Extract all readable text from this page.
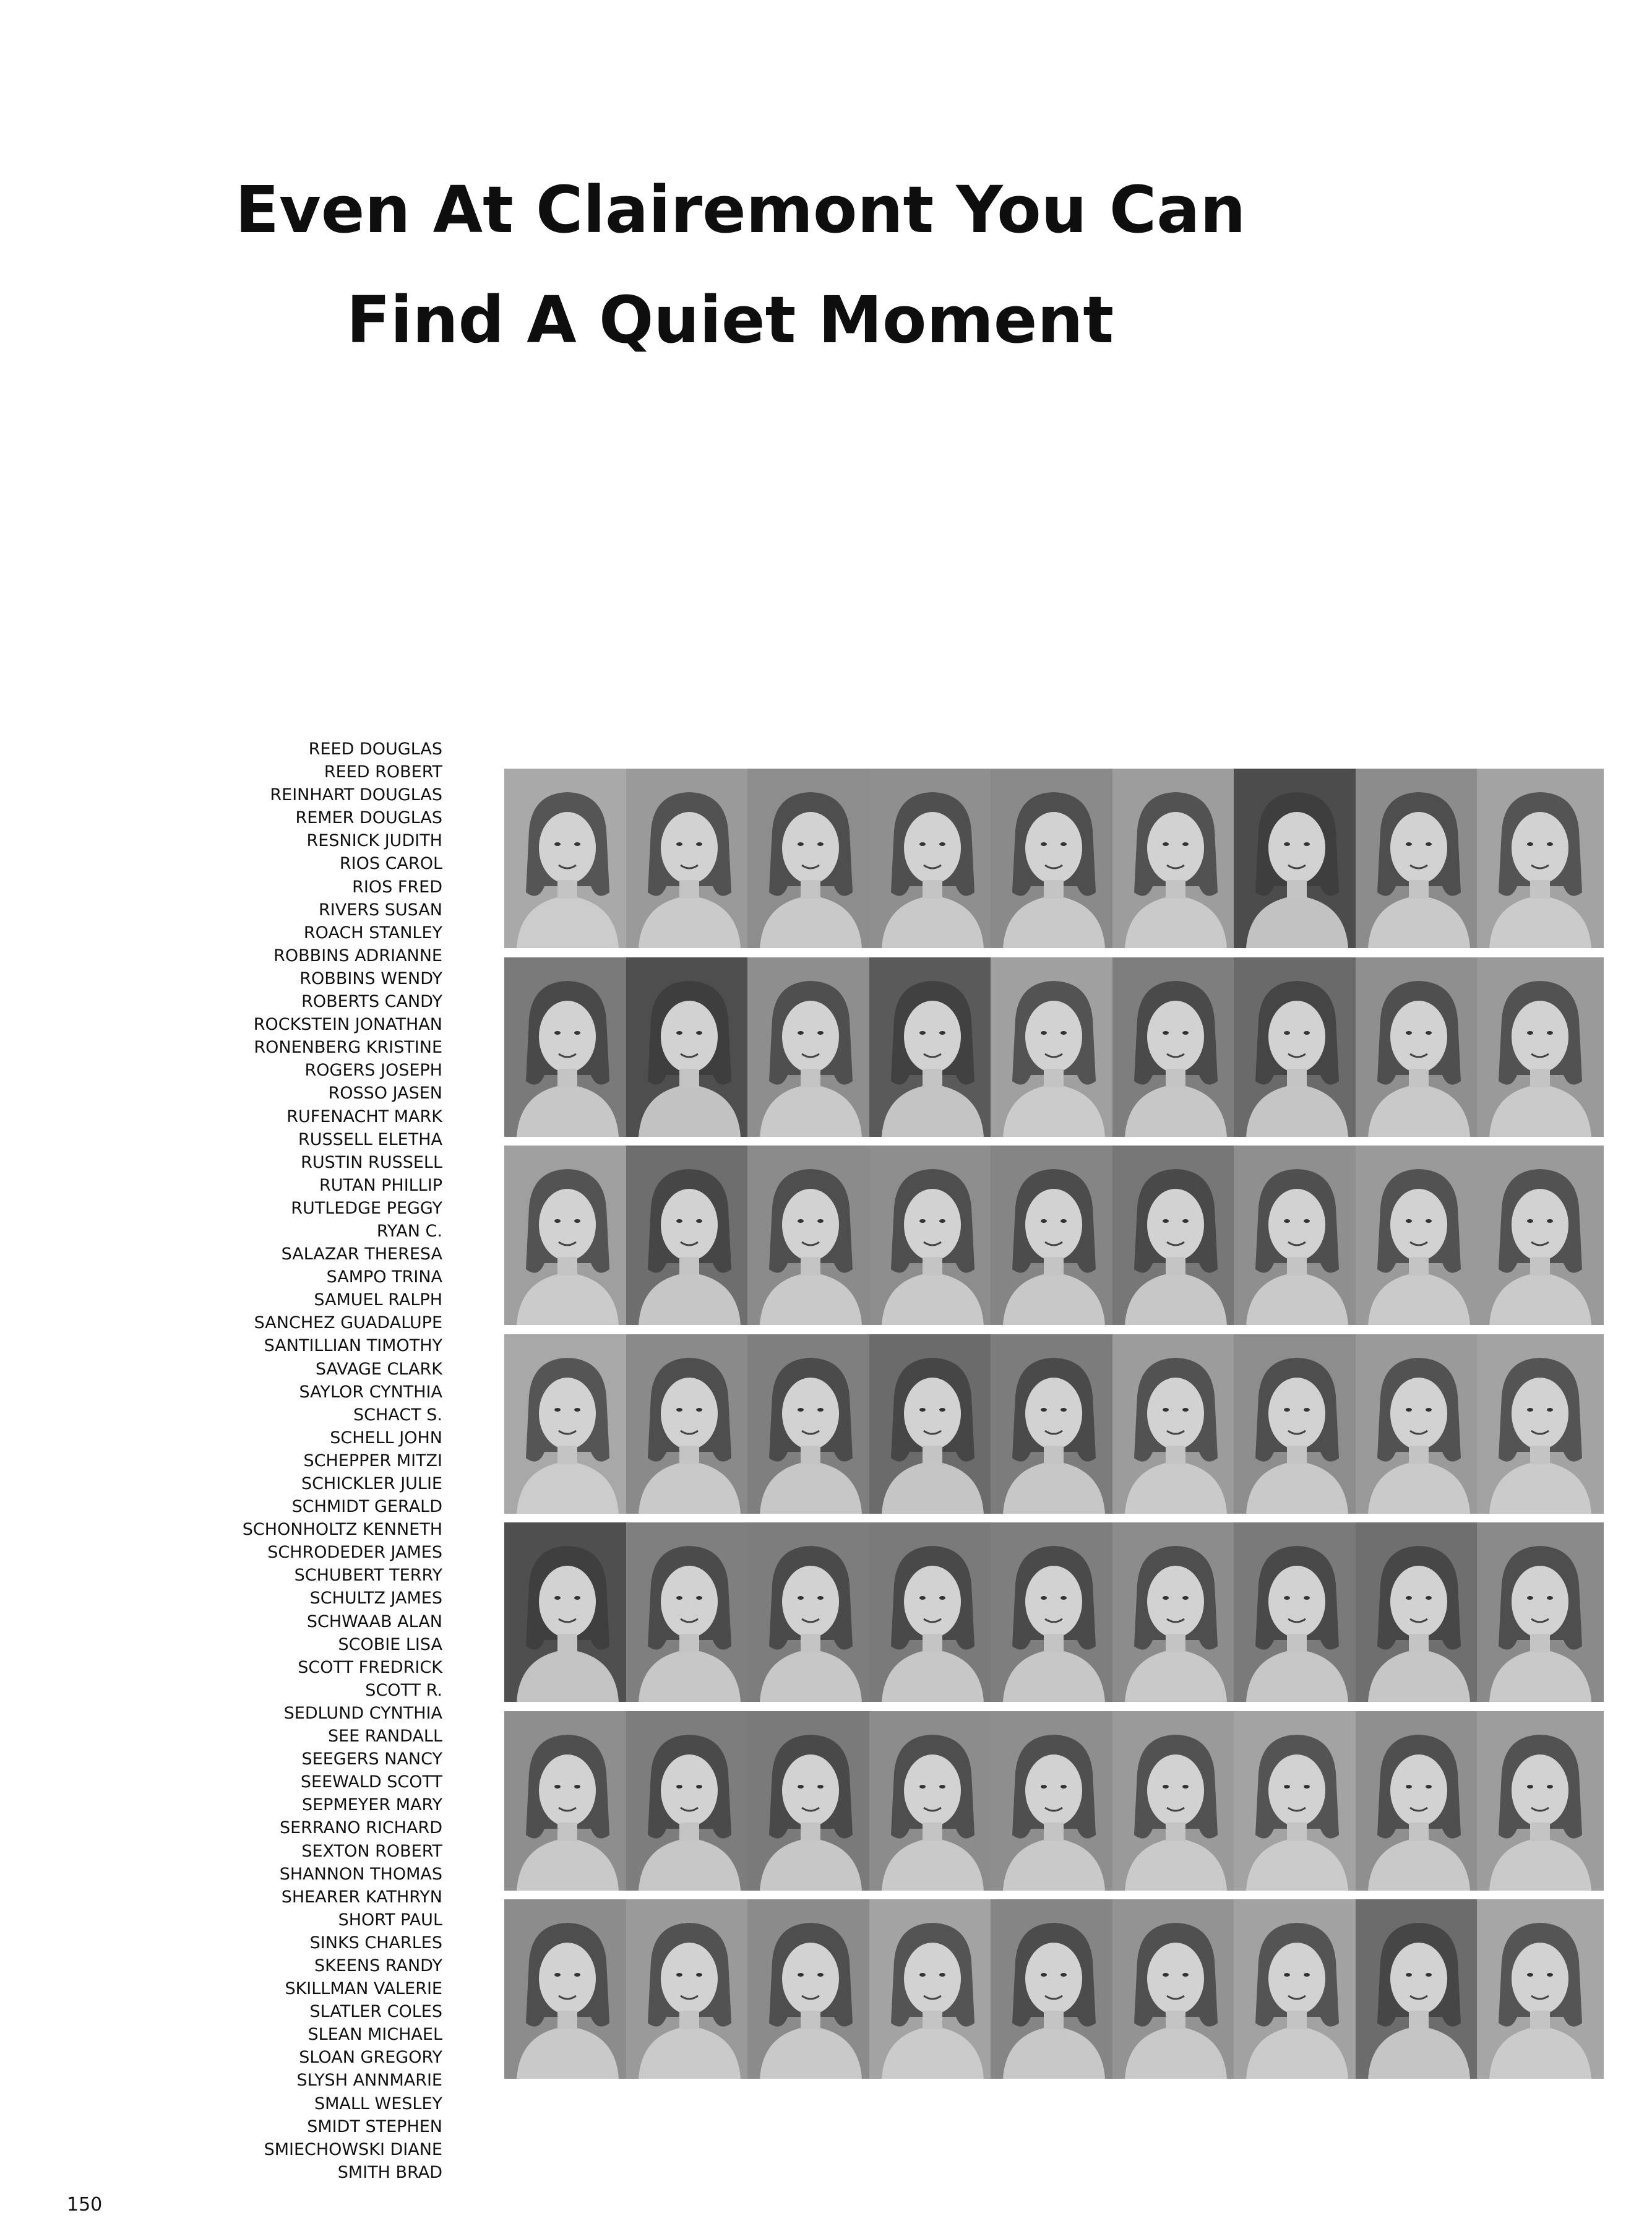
Even At Clairemont You Can
Find A Quiet Moment
REED DOUGLAS
REED ROBERT
REINHART DOUGLAS
REMER DOUGLAS
RESNICK JUDITH
RIOS CAROL
RIOS FRED
RIVERS SUSAN
ROACH STANLEY
ROBBINS ADRIANNE
ROBBINS WENDY
ROBERTS CANDY
ROCKSTEIN JONATHAN
RONENBERG KRISTINE
ROGERS JOSEPH
ROSSO JASEN
RUFENACHT MARK
RUSSELL ELETHA
RUSTIN RUSSELL
RUTAN PHILLIP
RUTLEDGE PEGGY
RYAN C.
SALAZAR THERESA
SAMPO TRINA
SAMUEL RALPH
SANCHEZ GUADALUPE
SANTILLIAN TIMOTHY
SAVAGE CLARK
SAYLOR CYNTHIA
SCHACT S.
SCHELL JOHN
SCHEPPER MITZI
SCHICKLER JULIE
SCHMIDT GERALD
SCHONHOLTZ KENNETH
SCHRODEDER JAMES
SCHUBERT TERRY
SCHULTZ JAMES
SCHWAAB ALAN
SCOBIE LISA
SCOTT FREDRICK
SCOTT R.
SEDLUND CYNTHIA
SEE RANDALL
SEEGERS NANCY
SEEWALD SCOTT
SEPMEYER MARY
SERRANO RICHARD
SEXTON ROBERT
SHANNON THOMAS
SHEARER KATHRYN
SHORT PAUL
SINKS CHARLES
SKEENS RANDY
SKILLMAN VALERIE
SLATLER COLES
SLEAN MICHAEL
SLOAN GREGORY
SLYSH ANNMARIE
SMALL WESLEY
SMIDT STEPHEN
SMIECHOWSKI DIANE
SMITH BRAD
150
